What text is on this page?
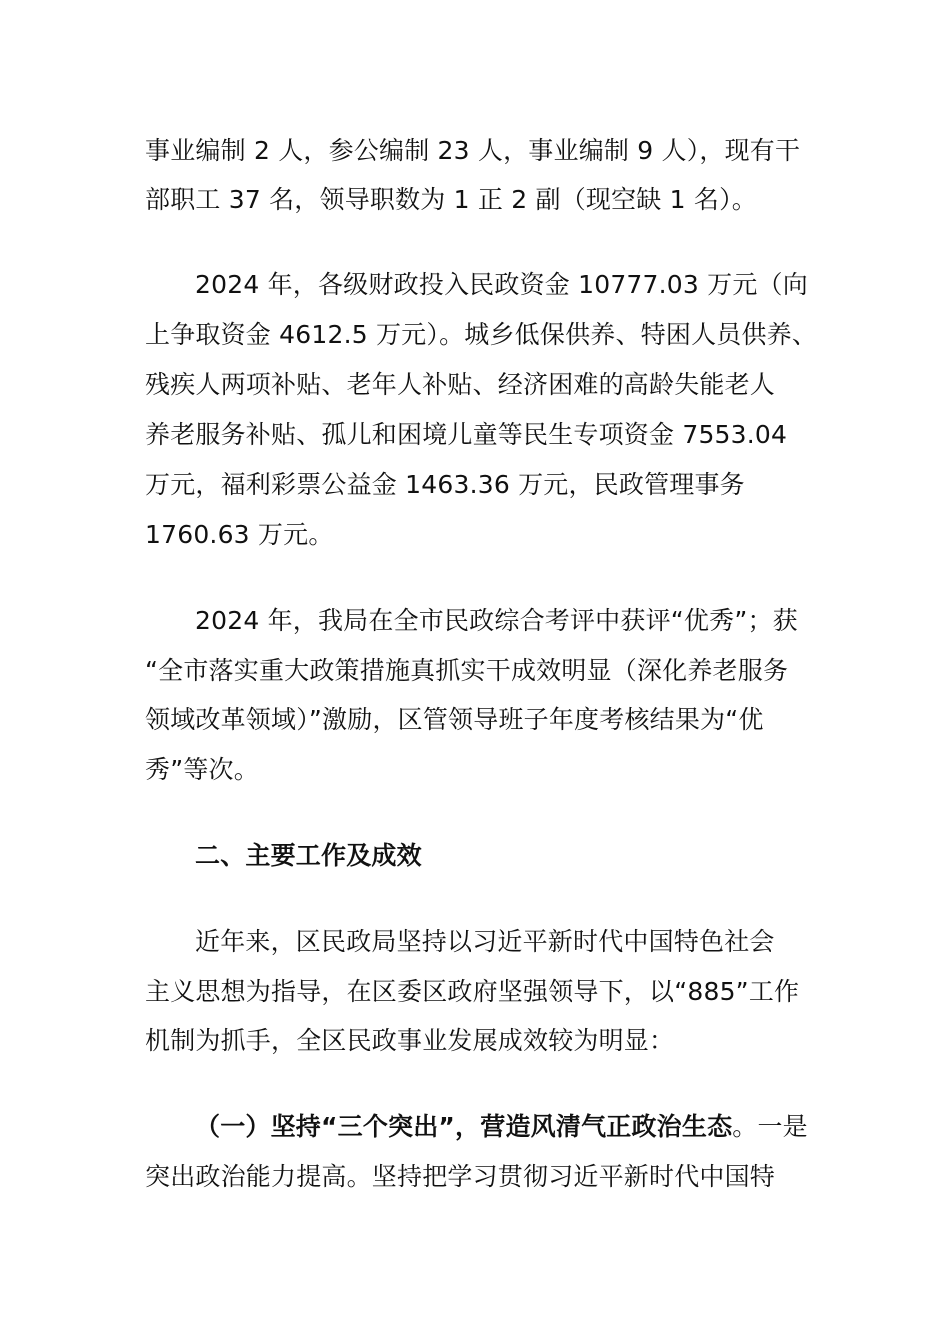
事业编制 2 人，参公编制 23 人，事业编制 9 人），现有干
部职工 37 名，领导职数为 1 正 2 副（现空缺 1 名）。
2024 年，各级财政投入民政资金 10777.03 万元（向
上争取资金 4612.5 万元）。城乡低保供养、特困人员供养、
残疾人两项补贴、老年人补贴、经济困难的高龄失能老人
养老服务补贴、孤儿和困境儿童等民生专项资金 7553.04
万元，福利彩票公益金 1463.36 万元，民政管理事务
1760.63 万元。
2024 年，我局在全市民政综合考评中获评“优秀”；获
“全市落实重大政策措施真抓实干成效明显（深化养老服务
领域改革领域）”激励，区管领导班子年度考核结果为“优
秀”等次。
二、主要工作及成效
近年来，区民政局坚持以习近平新时代中国特色社会
主义思想为指导，在区委区政府坚强领导下，以“885”工作
机制为抓手，全区民政事业发展成效较为明显：
（一）坚持“三个突出”，营造风清气正政治生态。一是
突出政治能力提高。坚持把学习贯彻习近平新时代中国特
